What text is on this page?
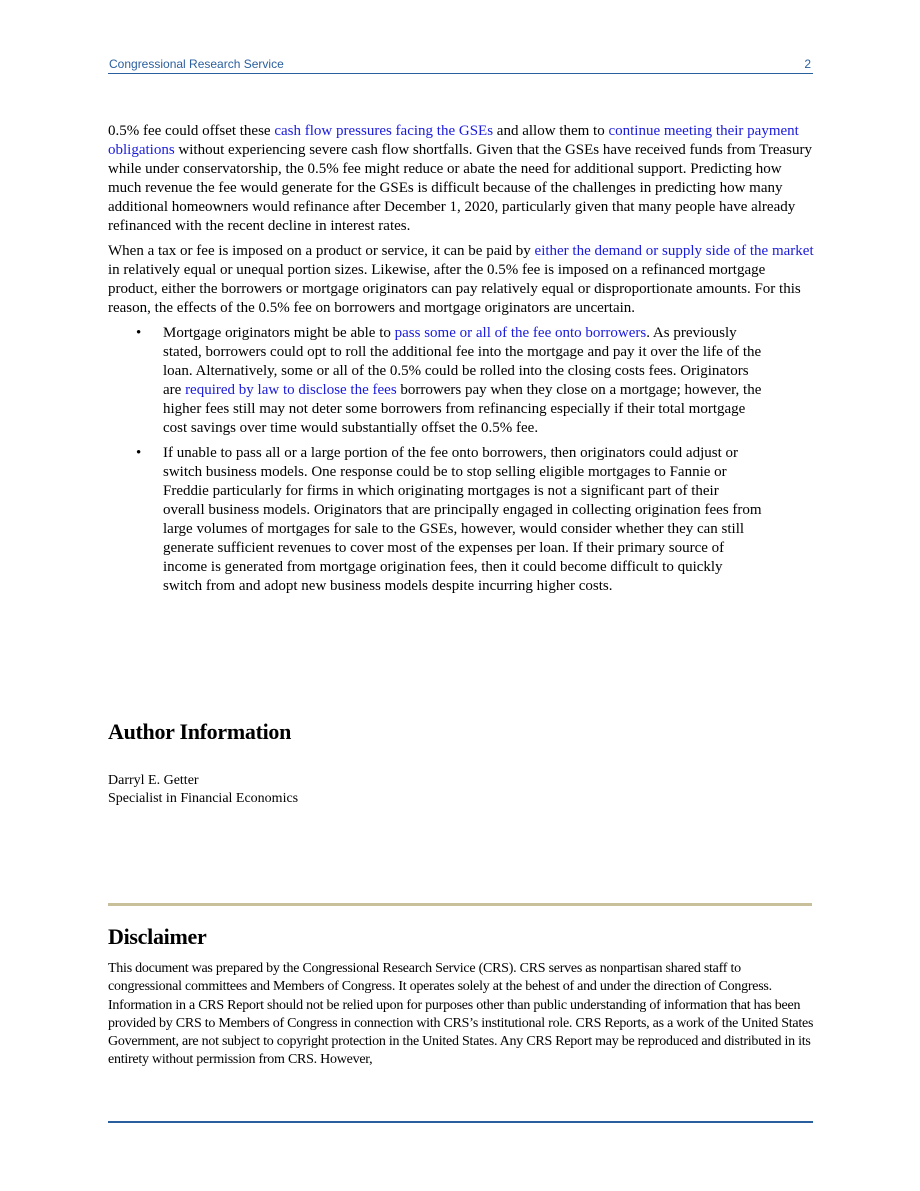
Congressional Research Service	2

0.5% fee could offset these cash flow pressures facing the GSEs and allow them to continue meeting their payment obligations without experiencing severe cash flow shortfalls. Given that the GSEs have received funds from Treasury while under conservatorship, the 0.5% fee might reduce or abate the need for additional support. Predicting how much revenue the fee would generate for the GSEs is difficult because of the challenges in predicting how many additional homeowners would refinance after December 1, 2020, particularly given that many people have already refinanced with the recent decline in interest rates.

When a tax or fee is imposed on a product or service, it can be paid by either the demand or supply side of the market in relatively equal or unequal portion sizes. Likewise, after the 0.5% fee is imposed on a refinanced mortgage product, either the borrowers or mortgage originators can pay relatively equal or disproportionate amounts. For this reason, the effects of the 0.5% fee on borrowers and mortgage originators are uncertain.

• Mortgage originators might be able to pass some or all of the fee onto borrowers. As previously stated, borrowers could opt to roll the additional fee into the mortgage and pay it over the life of the loan. Alternatively, some or all of the 0.5% could be rolled into the closing costs fees. Originators are required by law to disclose the fees borrowers pay when they close on a mortgage; however, the higher fees still may not deter some borrowers from refinancing especially if their total mortgage cost savings over time would substantially offset the 0.5% fee.
• If unable to pass all or a large portion of the fee onto borrowers, then originators could adjust or switch business models. One response could be to stop selling eligible mortgages to Fannie or Freddie particularly for firms in which originating mortgages is not a significant part of their overall business models. Originators that are principally engaged in collecting origination fees from large volumes of mortgages for sale to the GSEs, however, would consider whether they can still generate sufficient revenues to cover most of the expenses per loan. If their primary source of income is generated from mortgage origination fees, then it could become difficult to quickly switch from and adopt new business models despite incurring higher costs.
Author Information
Darryl E. Getter
Specialist in Financial Economics
Disclaimer
This document was prepared by the Congressional Research Service (CRS). CRS serves as nonpartisan shared staff to congressional committees and Members of Congress. It operates solely at the behest of and under the direction of Congress. Information in a CRS Report should not be relied upon for purposes other than public understanding of information that has been provided by CRS to Members of Congress in connection with CRS’s institutional role. CRS Reports, as a work of the United States Government, are not subject to copyright protection in the United States. Any CRS Report may be reproduced and distributed in its entirety without permission from CRS. However,
